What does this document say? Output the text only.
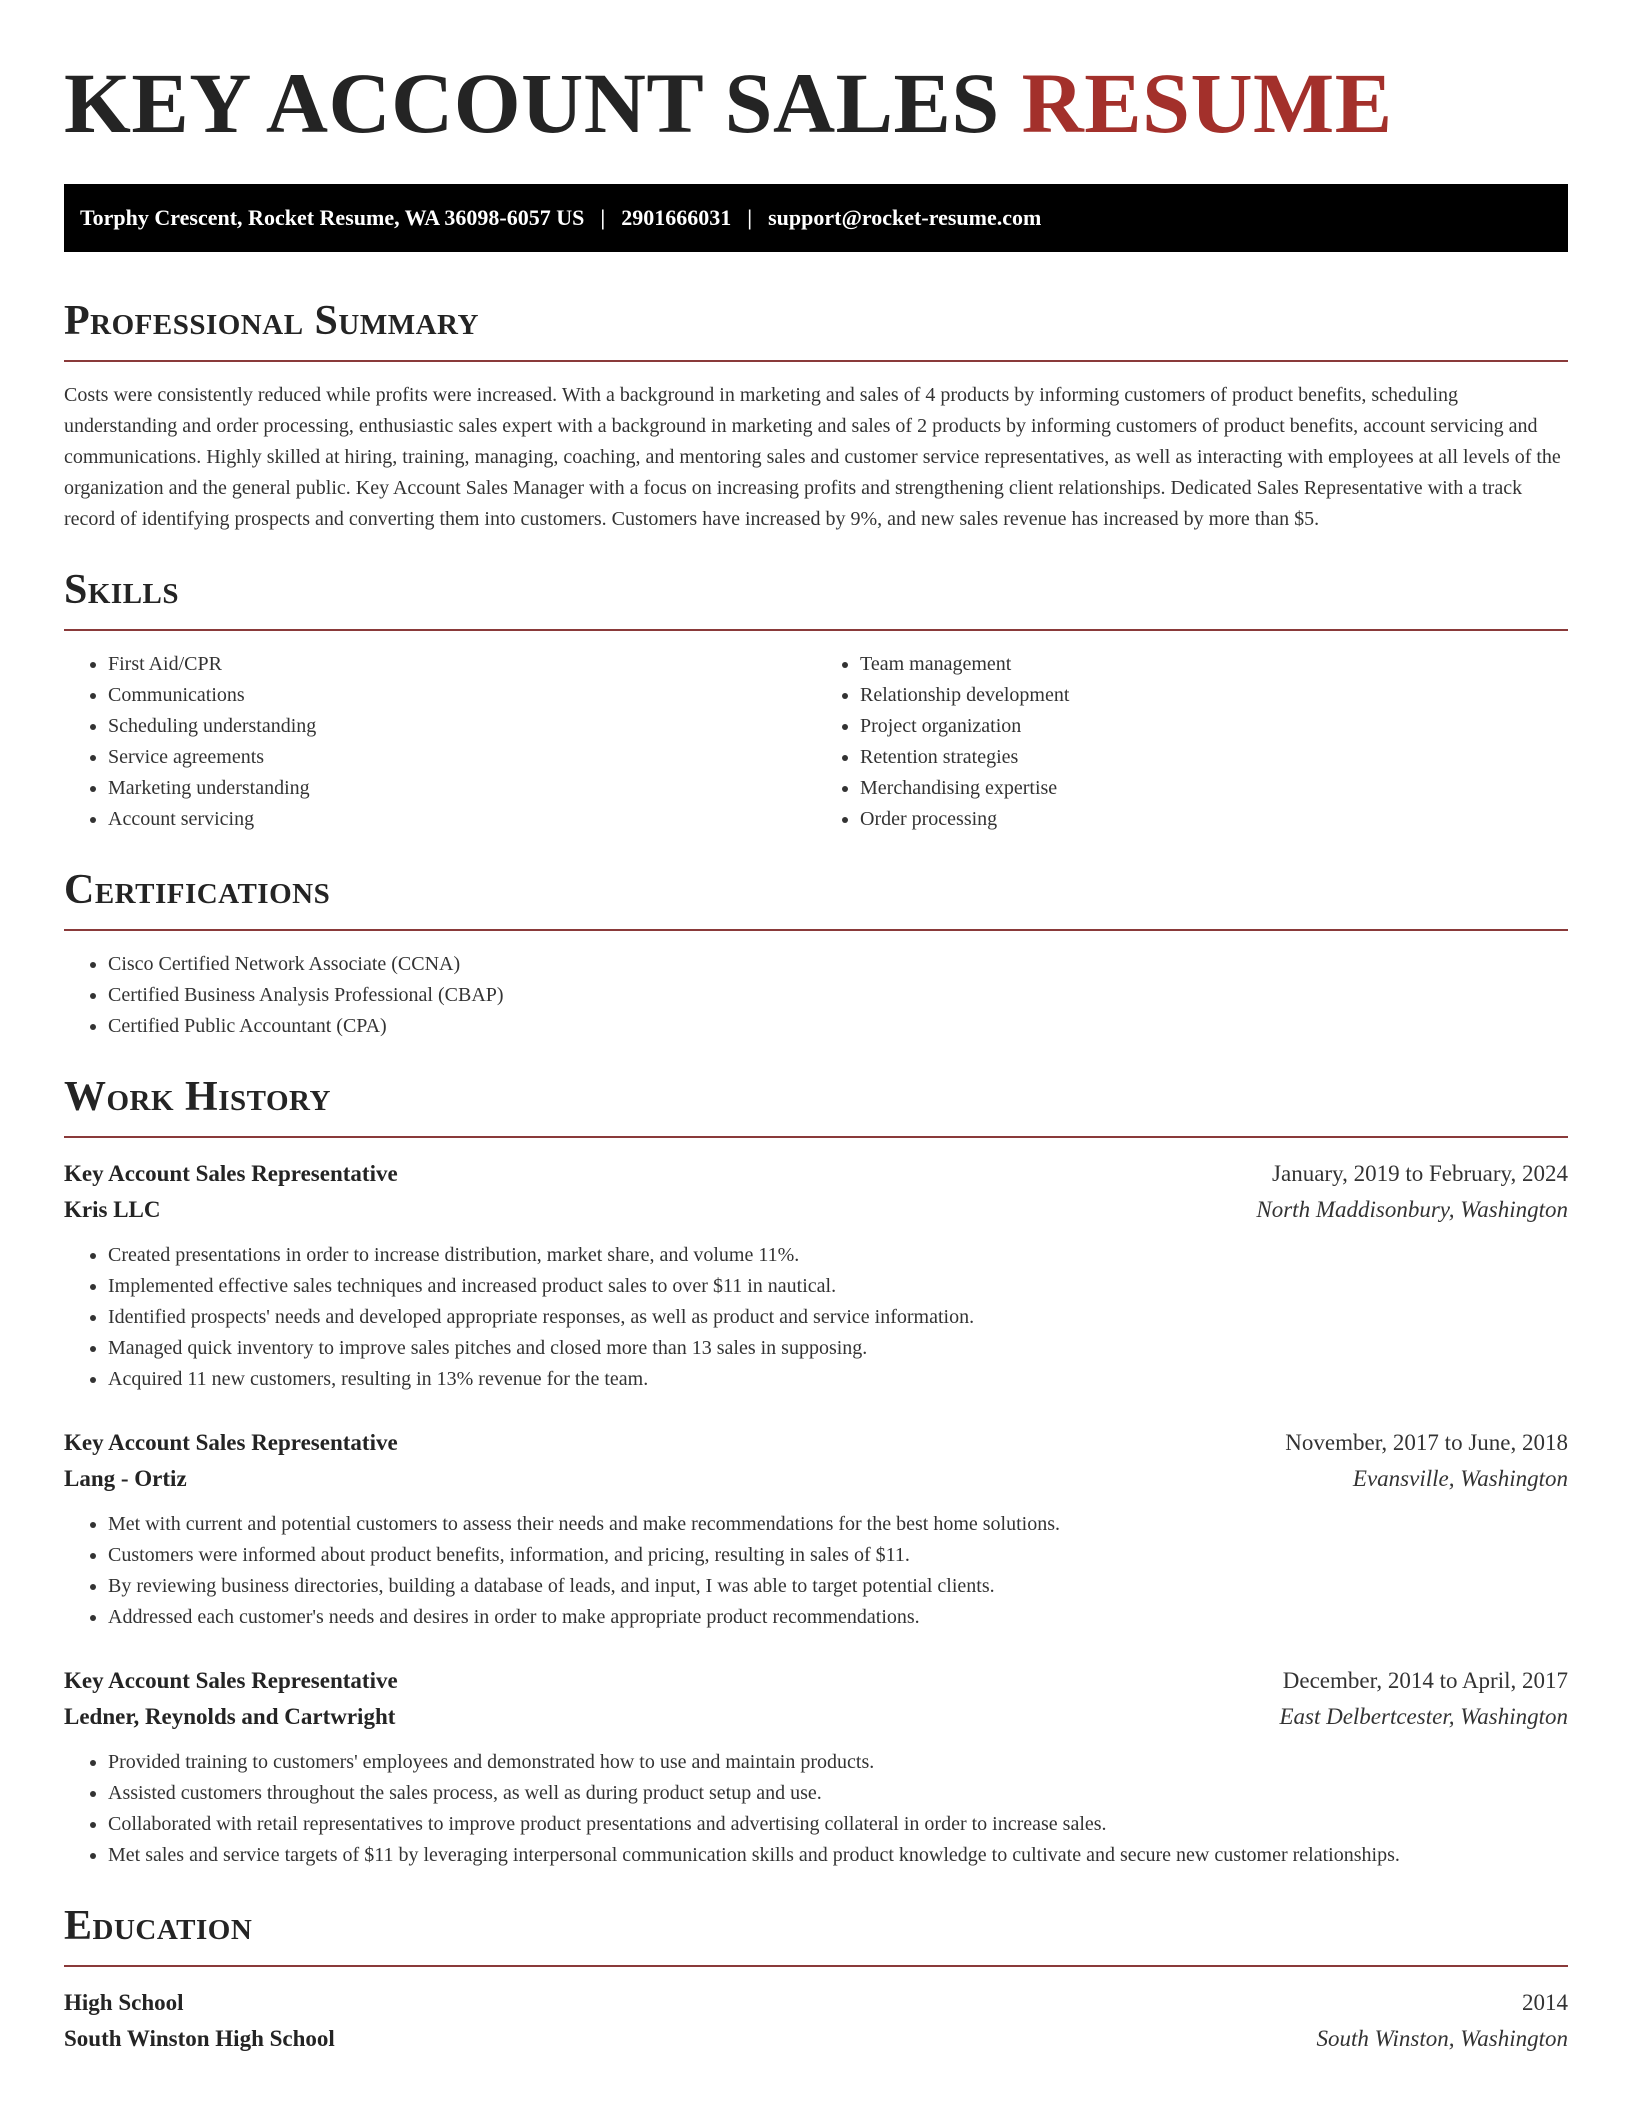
KEY ACCOUNT SALES RESUME
Torphy Crescent, Rocket Resume, WA 36098-6057 US | 2901666031 | support@rocket-resume.com
Professional Summary

Costs were consistently reduced while profits were increased. With a background in marketing and sales of 4 products by informing customers of product benefits, scheduling understanding and order processing, enthusiastic sales expert with a background in marketing and sales of 2 products by informing customers of product benefits, account servicing and communications. Highly skilled at hiring, training, managing, coaching, and mentoring sales and customer service representatives, as well as interacting with employees at all levels of the organization and the general public. Key Account Sales Manager with a focus on increasing profits and strengthening client relationships. Dedicated Sales Representative with a track record of identifying prospects and converting them into customers. Customers have increased by 9%, and new sales revenue has increased by more than $5.

Skills
• First Aid/CPR
• Communications
• Scheduling understanding
• Service agreements
• Marketing understanding
• Account servicing
• Team management
• Relationship development
• Project organization
• Retention strategies
• Merchandising expertise
• Order processing
Certifications
• Cisco Certified Network Associate (CCNA)
• Certified Business Analysis Professional (CBAP)
• Certified Public Accountant (CPA)
Work History
Key Account Sales Representative	January, 2019 to February, 2024
Kris LLC	North Maddisonbury, Washington
• Created presentations in order to increase distribution, market share, and volume 11%.
• Implemented effective sales techniques and increased product sales to over $11 in nautical.
• Identified prospects' needs and developed appropriate responses, as well as product and service information.
• Managed quick inventory to improve sales pitches and closed more than 13 sales in supposing.
• Acquired 11 new customers, resulting in 13% revenue for the team.
Key Account Sales Representative	November, 2017 to June, 2018
Lang - Ortiz	Evansville, Washington
• Met with current and potential customers to assess their needs and make recommendations for the best home solutions.
• Customers were informed about product benefits, information, and pricing, resulting in sales of $11.
• By reviewing business directories, building a database of leads, and input, I was able to target potential clients.
• Addressed each customer's needs and desires in order to make appropriate product recommendations.
Key Account Sales Representative	December, 2014 to April, 2017
Ledner, Reynolds and Cartwright	East Delbertcester, Washington
• Provided training to customers' employees and demonstrated how to use and maintain products.
• Assisted customers throughout the sales process, as well as during product setup and use.
• Collaborated with retail representatives to improve product presentations and advertising collateral in order to increase sales.
• Met sales and service targets of $11 by leveraging interpersonal communication skills and product knowledge to cultivate and secure new customer relationships.
Education
High School	2014
South Winston High School	South Winston, Washington
